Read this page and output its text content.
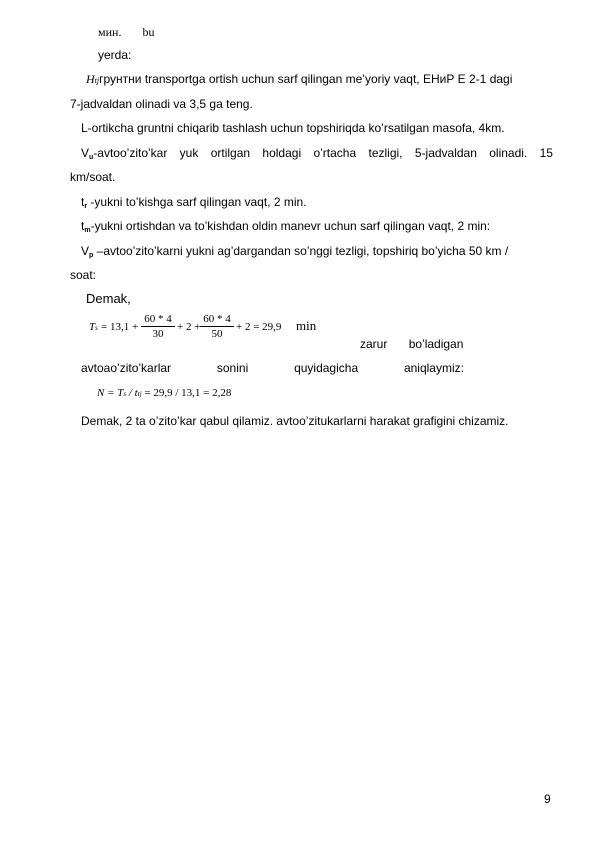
мин. bu
yerda:
Нtjгрунтни transportga ortish uchun sarf qilingan me’yoriy vaqt, ЕНиР Е 2-1 dagi
7-jadvaldan olinadi va 3,5 ga teng.
L-ortikcha gruntni chiqarib tashlash uchun topshiriqda ko’rsatilgan masofa, 4km.
$V_u-avtoo’zito’kar$ yuk ortilgan holdagi o’rtacha tezligi, 5-jadvaldan olinadi. 15
km/soat.
$t_r$ -yukni to’kishga sarf qilingan vaqt, 2 min.
$t_m$-yukni ortishdan va to’kishdan oldin manevr uchun sarf qilingan vaqt, 2 min:
$V_p$ –avtoo’zito’karni yukni ag’dargandan so’nggi tezligi, topshiriq bo’yicha 50 km /
soat:
Demak,
Ts = 13,1 +
60 * 4
30
+ 2 +
60 * 4
50
+ 2 = 29,9 min
zarur bo’ladigan
avtoao’zito’karlar	sonini	quyidagicha	aniqlaymiz:
N = Ts / ttj = 29,9 / 13,1 = 2,28
Demak, 2 ta o’zito’kar qabul qilamiz. avtoo’zitukarlarni harakat grafigini chizamiz.
9
